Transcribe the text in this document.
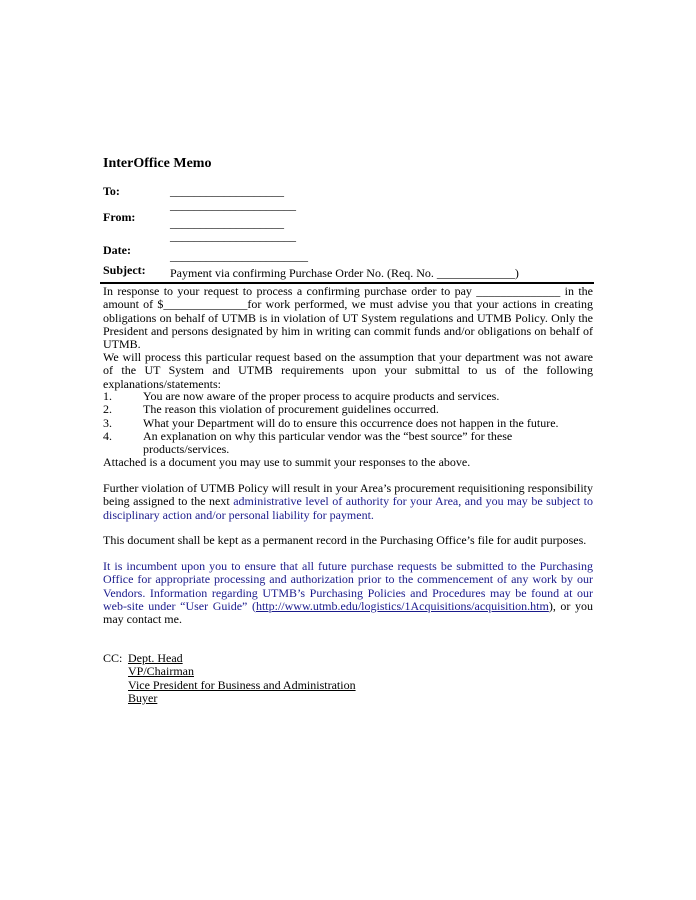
InterOffice Memo
To:	___________________
_____________________
From:	___________________
_____________________
Date:	_______________________
Subject: Payment via confirming Purchase Order No. (Req. No. _____________)
In response to your request to process a confirming purchase order to pay ______________ in the amount of $______________for work performed, we must advise you that your actions in creating obligations on behalf of UTMB is in violation of UT System regulations and UTMB Policy. Only the President and persons designated by him in writing can commit funds and/or obligations on behalf of UTMB.
We will process this particular request based on the assumption that your department was not aware of the UT System and UTMB requirements upon your submittal to us of the following explanations/statements:
1.	You are now aware of the proper process to acquire products and services.
2.	The reason this violation of procurement guidelines occurred.
3.	What your Department will do to ensure this occurrence does not happen in the future.
4.	An explanation on why this particular vendor was the “best source” for these products/services.
Attached is a document you may use to summit your responses to the above.
Further violation of UTMB Policy will result in your Area’s procurement requisitioning responsibility being assigned to the next administrative level of authority for your Area, and you may be subject to disciplinary action and/or personal liability for payment.
This document shall be kept as a permanent record in the Purchasing Office’s file for audit purposes.
It is incumbent upon you to ensure that all future purchase requests be submitted to the Purchasing Office for appropriate processing and authorization prior to the commencement of any work by our Vendors. Information regarding UTMB’s Purchasing Policies and Procedures may be found at our web-site under “User Guide” (http://www.utmb.edu/logistics/1Acquisitions/acquisition.htm), or you may contact me.
CC: Dept. Head
VP/Chairman
Vice President for Business and Administration
Buyer
